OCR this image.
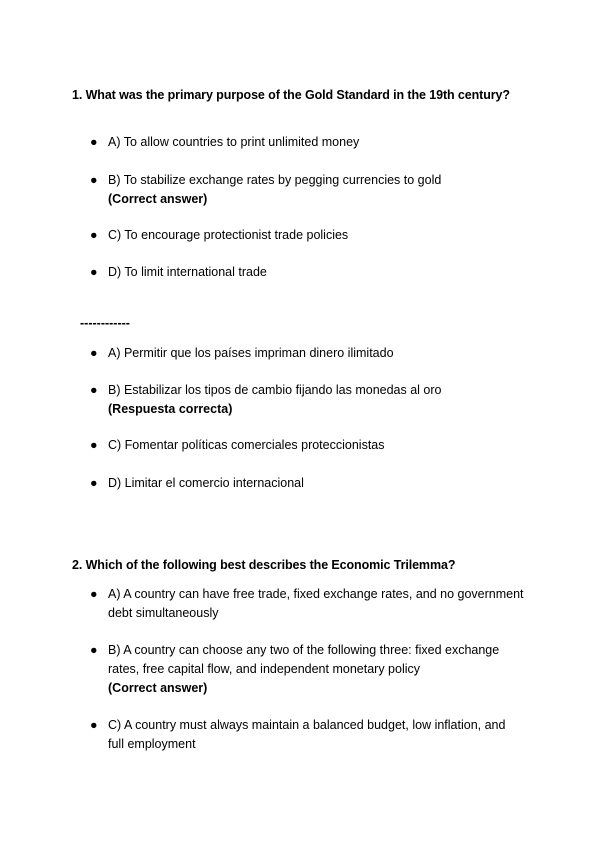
1. What was the primary purpose of the Gold Standard in the 19th century?
● A) To allow countries to print unlimited money
● B) To stabilize exchange rates by pegging currencies to gold
(Correct answer)
● C) To encourage protectionist trade policies
● D) To limit international trade
------------
● A) Permitir que los países impriman dinero ilimitado
● B) Estabilizar los tipos de cambio fijando las monedas al oro
(Respuesta correcta)
● C) Fomentar políticas comerciales proteccionistas
● D) Limitar el comercio internacional
2. Which of the following best describes the Economic Trilemma?
● A) A country can have free trade, fixed exchange rates, and no government debt simultaneously
● B) A country can choose any two of the following three: fixed exchange rates, free capital flow, and independent monetary policy
(Correct answer)
● C) A country must always maintain a balanced budget, low inflation, and full employment
